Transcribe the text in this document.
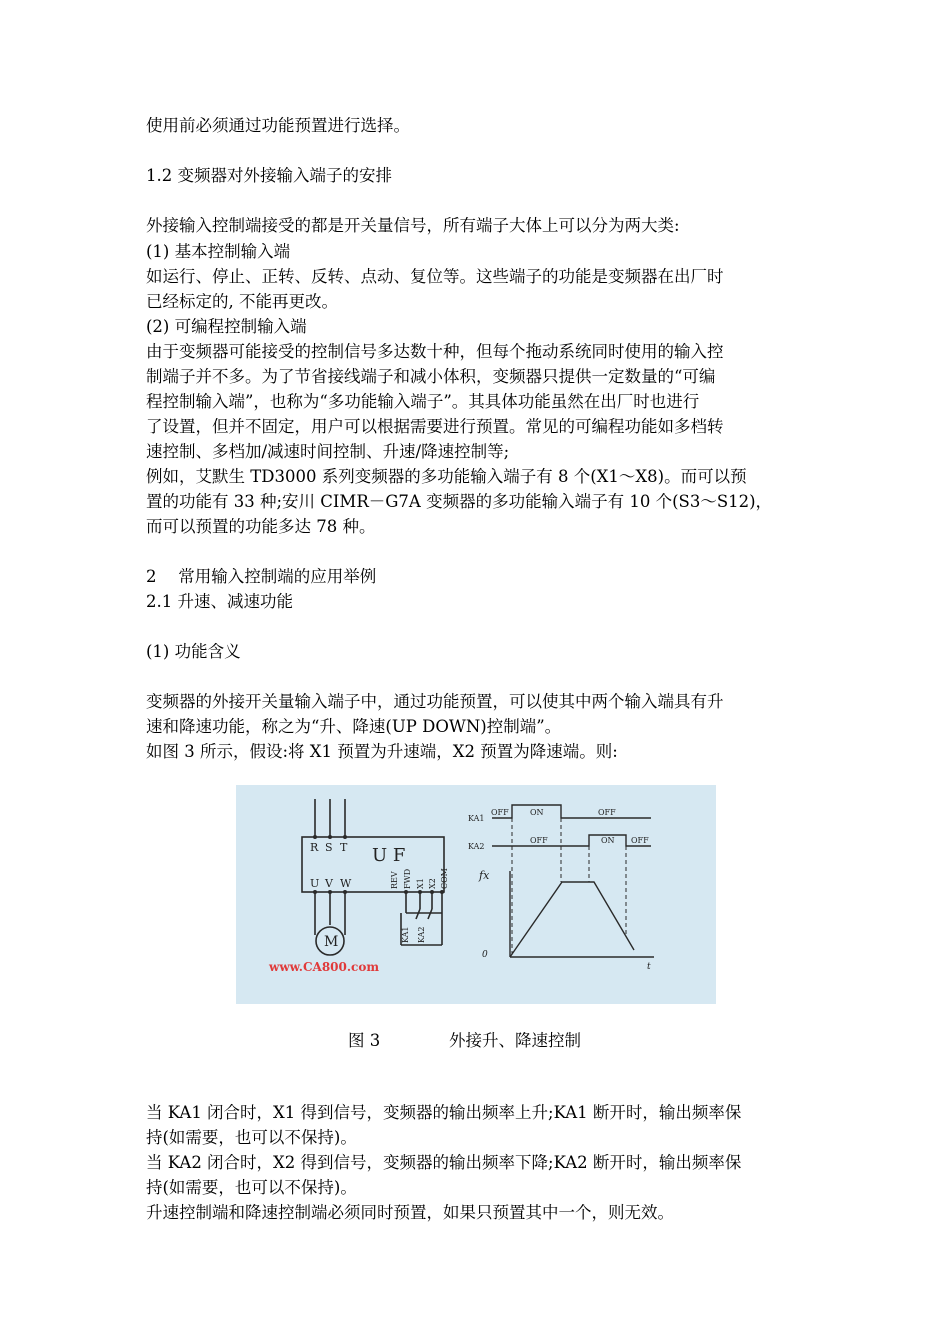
使用前必须通过功能预置进行选择。
1.2 变频器对外接输入端子的安排
外接输入控制端接受的都是开关量信号，所有端子大体上可以分为两大类:
(1) 基本控制输入端
如运行、停止、正转、反转、点动、复位等。这些端子的功能是变频器在出厂时
已经标定的, 不能再更改。
(2) 可编程控制输入端
由于变频器可能接受的控制信号多达数十种，但每个拖动系统同时使用的输入控
制端子并不多。为了节省接线端子和减小体积，变频器只提供一定数量的“可编
程控制输入端”，也称为“多功能输入端子”。其具体功能虽然在出厂时也进行
了设置，但并不固定，用户可以根据需要进行预置。常见的可编程功能如多档转
速控制、多档加/减速时间控制、升速/降速控制等;
例如，艾默生 TD3000 系列变频器的多功能输入端子有 8 个(X1～X8)。而可以预
置的功能有 33 种;安川 CIMR－G7A 变频器的多功能输入端子有 10 个(S3～S12)，
而可以预置的功能多达 78 种。
2 　常用输入控制端的应用举例
2.1 升速、减速功能
(1) 功能含义
变频器的外接开关量输入端子中，通过功能预置，可以使其中两个输入端具有升
速和降速功能，称之为“升、降速(UP DOWN)控制端”。
如图 3 所示，假设:将 X1 预置为升速端，X2 预置为降速端。则:
U F
R S T
U V W	REV FWD X1 X2 COM
M	KA1 KA2
www.CA800.com
KA1
KA2
OFF	ON	OFF
OFF	ON OFF
fx
0
t
图 3	外接升、降速控制
当 KA1 闭合时，X1 得到信号，变频器的输出频率上升;KA1 断开时，输出频率保
持(如需要，也可以不保持)。
当 KA2 闭合时，X2 得到信号，变频器的输出频率下降;KA2 断开时，输出频率保
持(如需要，也可以不保持)。
升速控制端和降速控制端必须同时预置，如果只预置其中一个，则无效。
